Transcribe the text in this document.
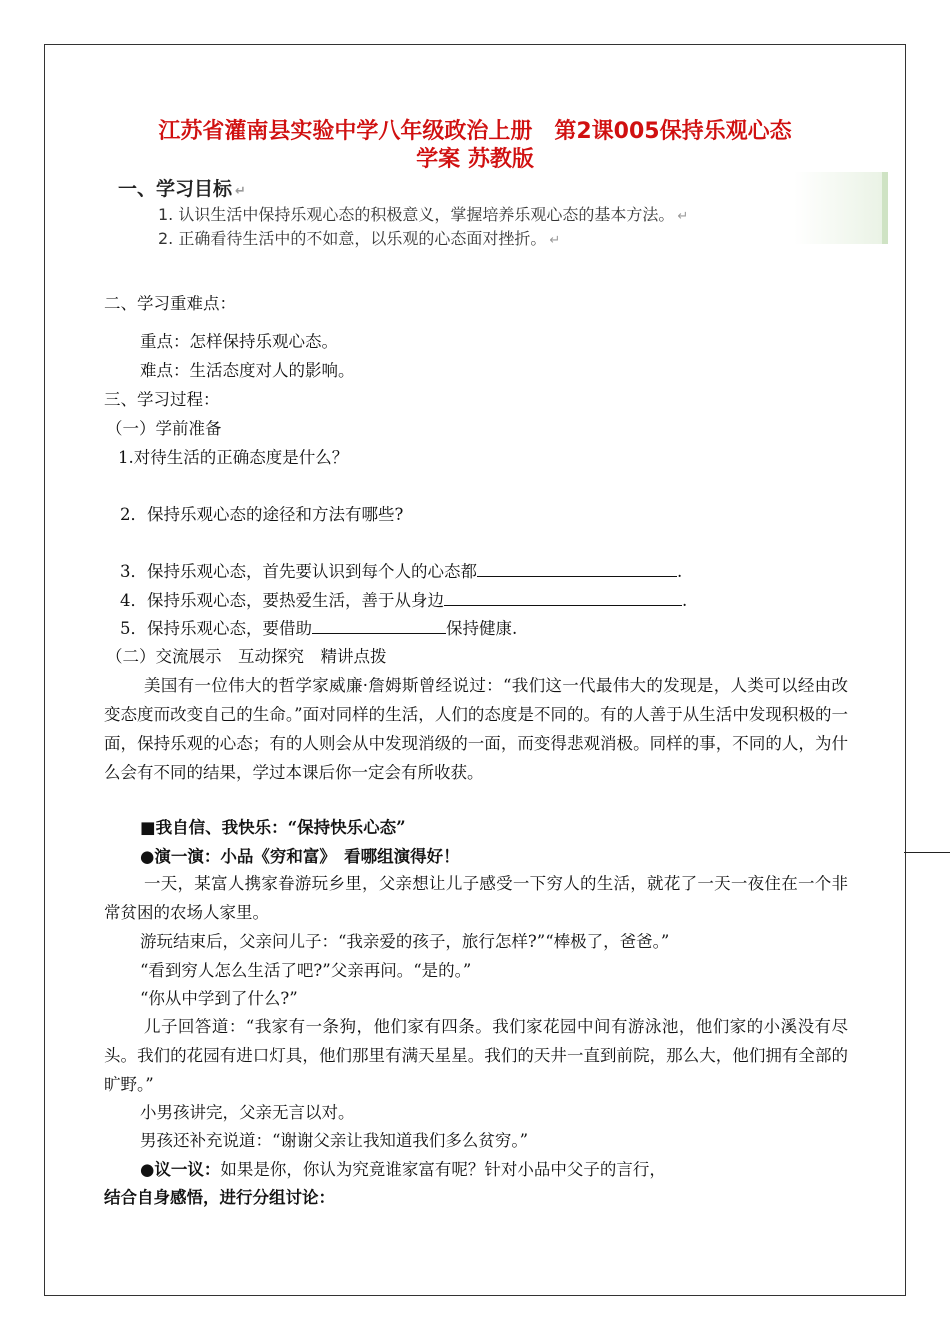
江苏省灌南县实验中学八年级政治上册　第2课005保持乐观心态
学案 苏教版
一、学习目标 ↵
1. 认识生活中保持乐观心态的积极意义，掌握培养乐观心态的基本方法。 ↵
2. 正确看待生活中的不如意，以乐观的心态面对挫折。 ↵
二、学习重难点：
重点：怎样保持乐观心态。
难点：生活态度对人的影响。
三、学习过程：
（一）学前准备
1.对待生活的正确态度是什么？
2．保持乐观心态的途径和方法有哪些?
3．保持乐观心态，首先要认识到每个人的心态都	.
4．保持乐观心态，要热爱生活，善于从身边	.
5．保持乐观心态，要借助	保持健康.
（二）交流展示　互动探究　精讲点拨
美国有一位伟大的哲学家威廉·詹姆斯曾经说过：“我们这一代最伟大的发现是，人类可以经由改变态度而改变自己的生命。”面对同样的生活，人们的态度是不同的。有的人善于从生活中发现积极的一面，保持乐观的心态；有的人则会从中发现消级的一面，而变得悲观消极。同样的事，不同的人，为什么会有不同的结果，学过本课后你一定会有所收获。
■我自信、我快乐：“保持快乐心态”
●演一演：小品《穷和富》　看哪组演得好！
一天，某富人携家眷游玩乡里，父亲想让儿子感受一下穷人的生活，就花了一天一夜住在一个非常贫困的农场人家里。
游玩结束后，父亲问儿子：“我亲爱的孩子，旅行怎样?”“棒极了，爸爸。”
“看到穷人怎么生活了吧?”父亲再问。“是的。”
“你从中学到了什么?”
儿子回答道：“我家有一条狗，他们家有四条。我们家花园中间有游泳池，他们家的小溪没有尽头。我们的花园有进口灯具，他们那里有满天星星。我们的天井一直到前院，那么大，他们拥有全部的旷野。”
小男孩讲完，父亲无言以对。
男孩还补充说道：“谢谢父亲让我知道我们多么贫穷。”
●议一议：如果是你，你认为究竟谁家富有呢？针对小品中父子的言行，
结合自身感悟，进行分组讨论：
